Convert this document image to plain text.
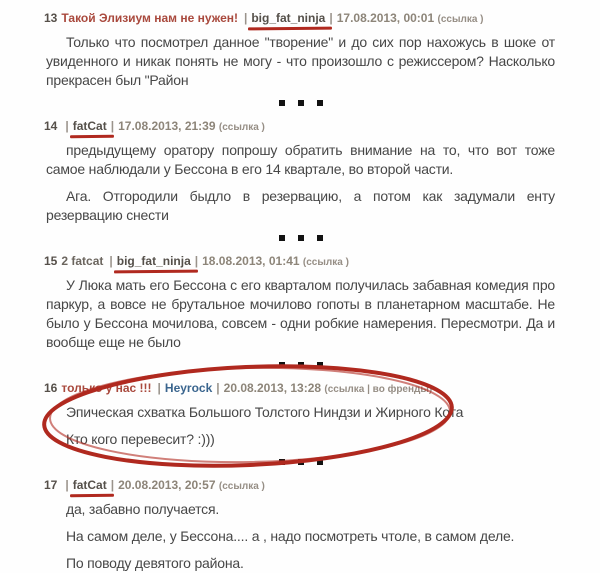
13 Такой Элизиум нам не нужен! | big_fat_ninja | 17.08.2013, 00:01 (ссылка )

Только что посмотрел данное "творение" и до сих пор нахожусь в шоке от увиденного и никак понять не могу - что произошло с режиссером? Насколько прекрасен был "Район

14 | fatCat | 17.08.2013, 21:39 (ссылка )

предыдущему оратору попрошу обратить внимание на то, что вот тоже самое наблюдали у Бессона в его 14 квартале, во второй части.

Ага. Отгородили быдло в резервацию, а потом как задумали енту резервацию снести

15 2 fatcat | big_fat_ninja | 18.08.2013, 01:41 (ссылка )

У Люка мать его Бессона с его кварталом получилась забавная комедия про паркур, а вовсе не брутальное мочилово гопоты в планетарном масштабе. Не было у Бессона мочилова, совсем - одни робкие намерения. Пересмотри. Да и вообще еще не было

16 только у нас !!! | Heyrock | 20.08.2013, 13:28 (ссылка | во френды)

Эпическая схватка Большого Толстого Ниндзи и Жирного Кота

Кто кого перевесит? :)))

17 | fatCat | 20.08.2013, 20:57 (ссылка )

да, забавно получается.

На самом деле, у Бессона.... а , надо посмотреть чтоле, в самом деле.

По поводу девятого района.
